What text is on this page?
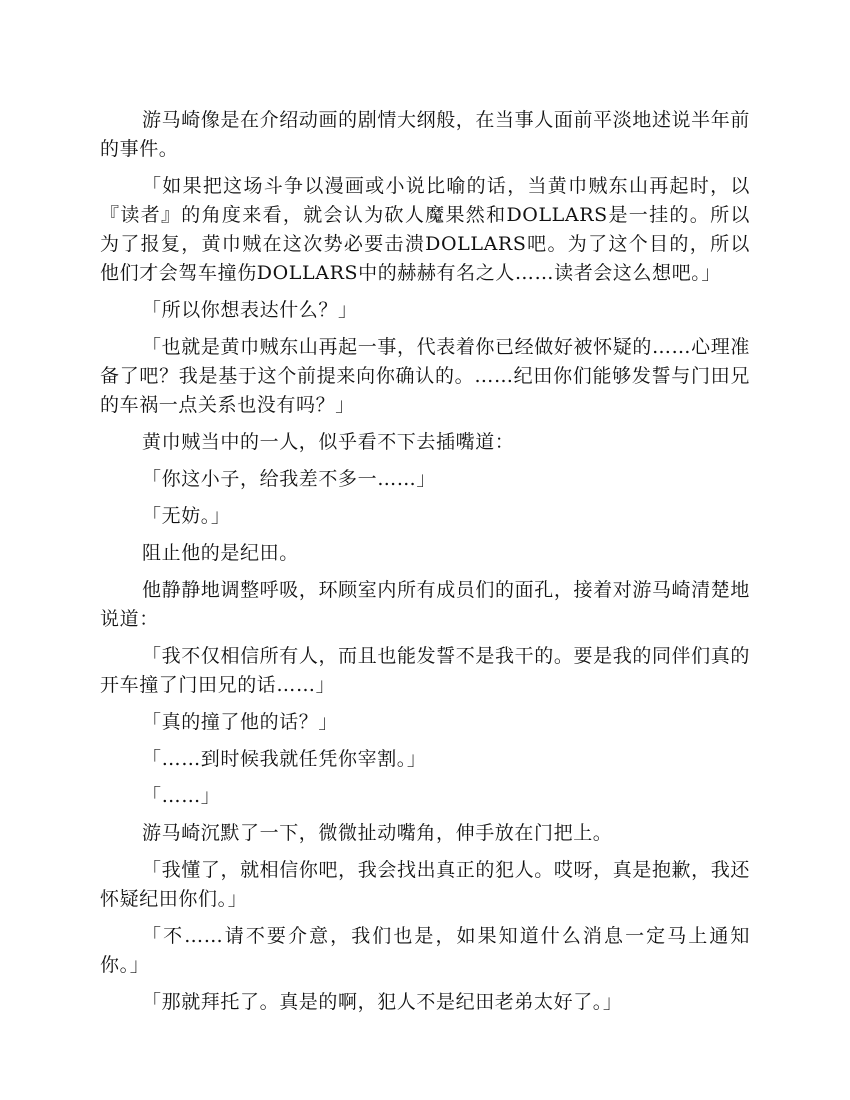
游马崎像是在介绍动画的剧情大纲般，在当事人面前平淡地述说半年前的事件。

「如果把这场斗争以漫画或小说比喻的话，当黄巾贼东山再起时，以『读者』的角度来看，就会认为砍人魔果然和DOLLARS是一挂的。所以为了报复，黄巾贼在这次势必要击溃DOLLARS吧。为了这个目的，所以他们才会驾车撞伤DOLLARS中的赫赫有名之人……读者会这么想吧。」

「所以你想表达什么？」

「也就是黄巾贼东山再起一事，代表着你已经做好被怀疑的……心理准备了吧？我是基于这个前提来向你确认的。……纪田你们能够发誓与门田兄的车祸一点关系也没有吗？」

黄巾贼当中的一人，似乎看不下去插嘴道：

「你这小子，给我差不多一……」

「无妨。」

阻止他的是纪田。

他静静地调整呼吸，环顾室内所有成员们的面孔，接着对游马崎清楚地说道：

「我不仅相信所有人，而且也能发誓不是我干的。要是我的同伴们真的开车撞了门田兄的话……」

「真的撞了他的话？」

「……到时候我就任凭你宰割。」

「……」

游马崎沉默了一下，微微扯动嘴角，伸手放在门把上。

「我懂了，就相信你吧，我会找出真正的犯人。哎呀，真是抱歉，我还怀疑纪田你们。」

「不……请不要介意，我们也是，如果知道什么消息一定马上通知你。」

「那就拜托了。真是的啊，犯人不是纪田老弟太好了。」
